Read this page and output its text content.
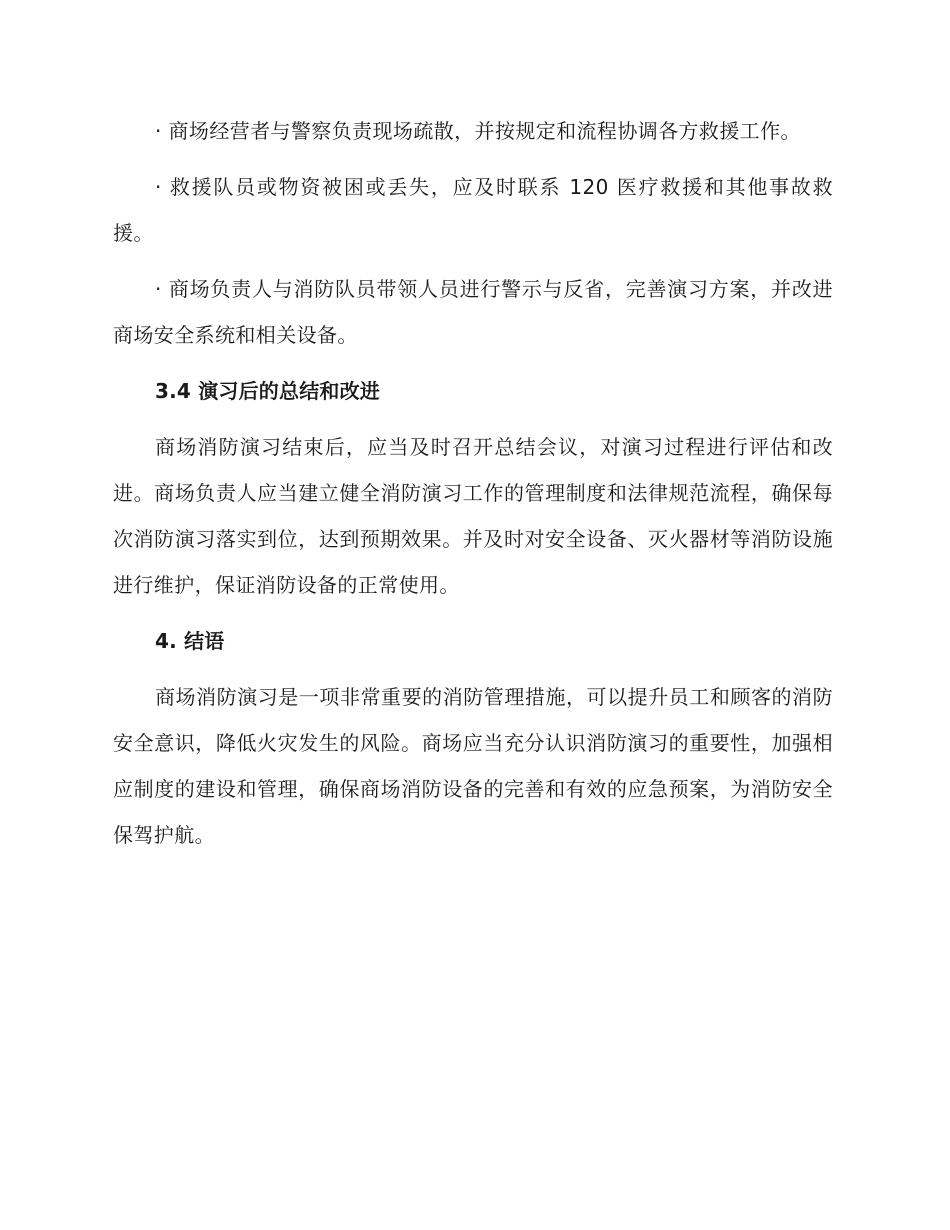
· 商场经营者与警察负责现场疏散，并按规定和流程协调各方救援工作。

· 救援队员或物资被困或丢失，应及时联系 120 医疗救援和其他事故救援。

· 商场负责人与消防队员带领人员进行警示与反省，完善演习方案，并改进商场安全系统和相关设备。

3.4 演习后的总结和改进

商场消防演习结束后，应当及时召开总结会议，对演习过程进行评估和改进。商场负责人应当建立健全消防演习工作的管理制度和法律规范流程，确保每次消防演习落实到位，达到预期效果。并及时对安全设备、灭火器材等消防设施进行维护，保证消防设备的正常使用。

4. 结语

商场消防演习是一项非常重要的消防管理措施，可以提升员工和顾客的消防安全意识，降低火灾发生的风险。商场应当充分认识消防演习的重要性，加强相应制度的建设和管理，确保商场消防设备的完善和有效的应急预案，为消防安全保驾护航。
